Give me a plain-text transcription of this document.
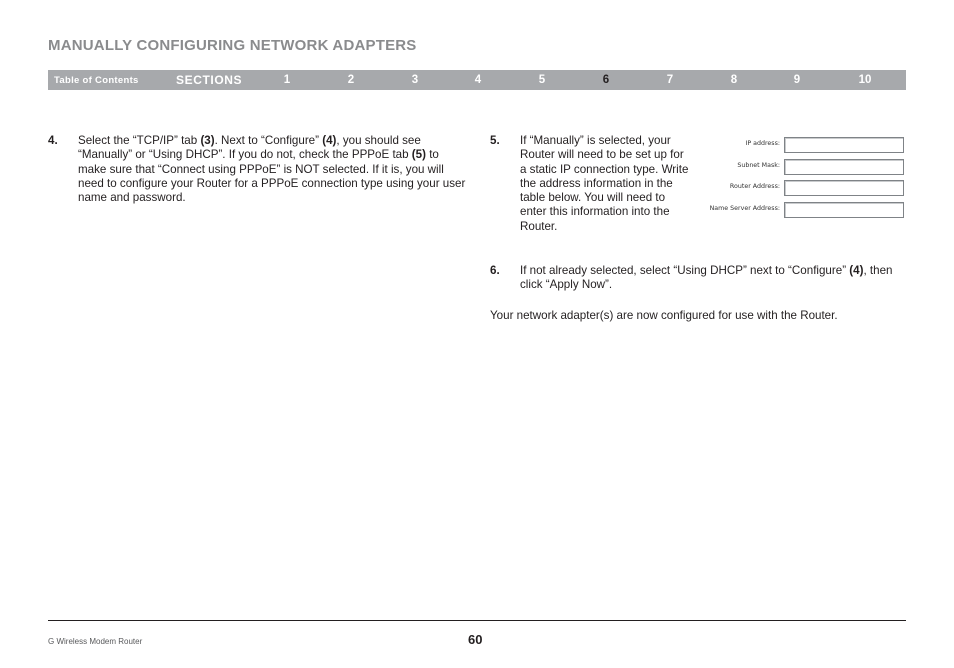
MANUALLY CONFIGURING NETWORK ADAPTERS
Table of Contents	SECTIONS	1	2	3	4	5	6	7	8	9	10
4. Select the “TCP/IP” tab (3). Next to “Configure” (4), you should see “Manually” or “Using DHCP”. If you do not, check the PPPoE tab (5) to make sure that “Connect using PPPoE” is NOT selected. If it is, you will need to configure your Router for a PPPoE connection type using your user name and password.
5. If “Manually” is selected, your Router will need to be set up for a static IP connection type. Write the address information in the table below. You will need to enter this information into the Router.
IP address:
Subnet Mask:
Router Address:
Name Server Address:
6. If not already selected, select “Using DHCP” next to “Configure” (4), then click “Apply Now”.
Your network adapter(s) are now configured for use with the Router.
G Wireless Modem Router	60
